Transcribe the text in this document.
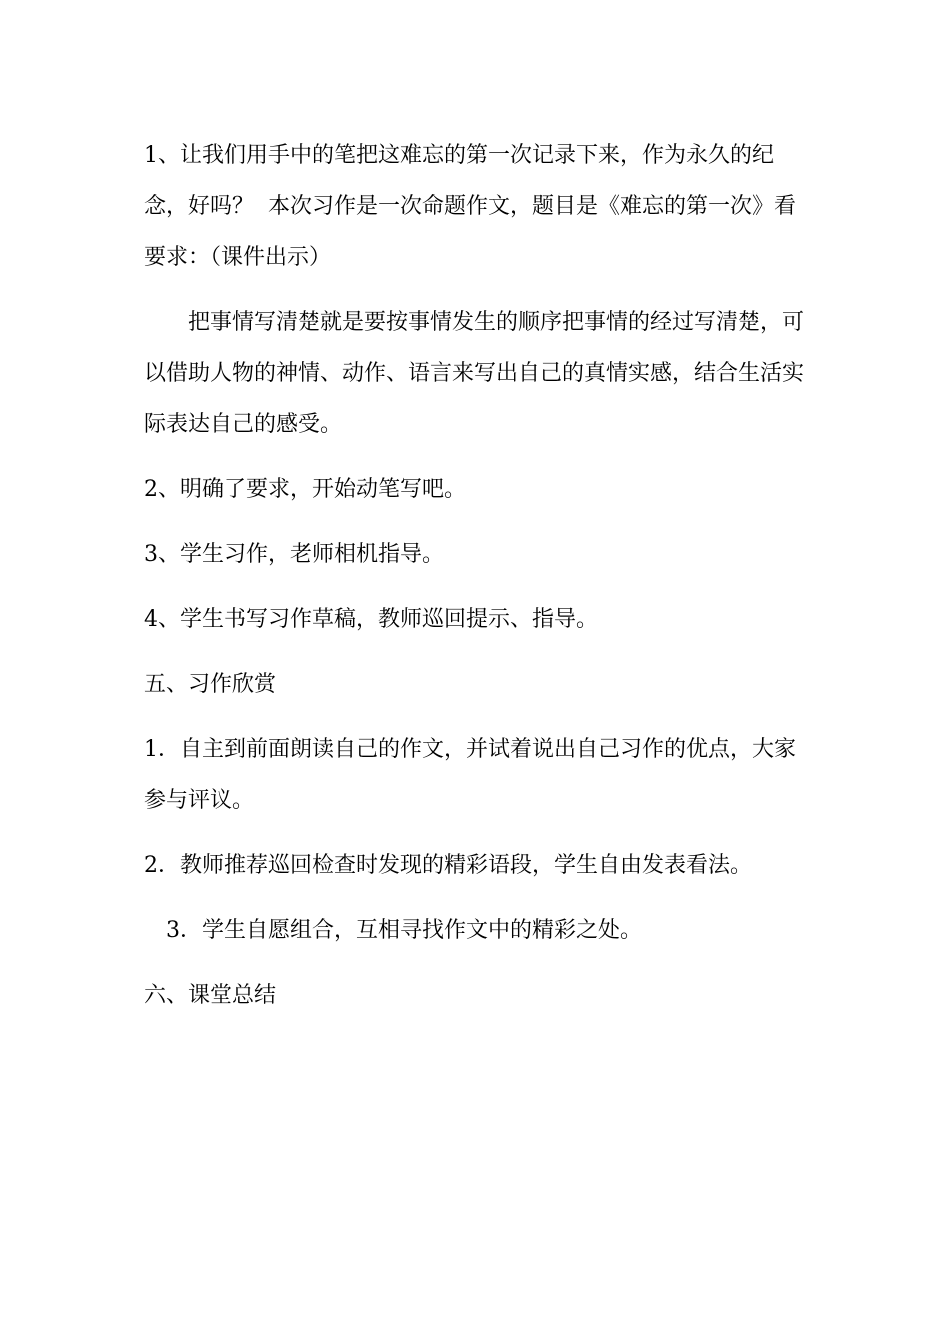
1、让我们用手中的笔把这难忘的第一次记录下来，作为永久的纪念，好吗？  本次习作是一次命题作文，题目是《难忘的第一次》看要求：（课件出示）

把事情写清楚就是要按事情发生的顺序把事情的经过写清楚，可以借助人物的神情、动作、语言来写出自己的真情实感，结合生活实际表达自己的感受。

2、明确了要求，开始动笔写吧。

3、学生习作，老师相机指导。

4、学生书写习作草稿，教师巡回提示、指导。

五、习作欣赏

1．自主到前面朗读自己的作文，并试着说出自己习作的优点，大家参与评议。

2．教师推荐巡回检查时发现的精彩语段，学生自由发表看法。

3．学生自愿组合，互相寻找作文中的精彩之处。

六、课堂总结
